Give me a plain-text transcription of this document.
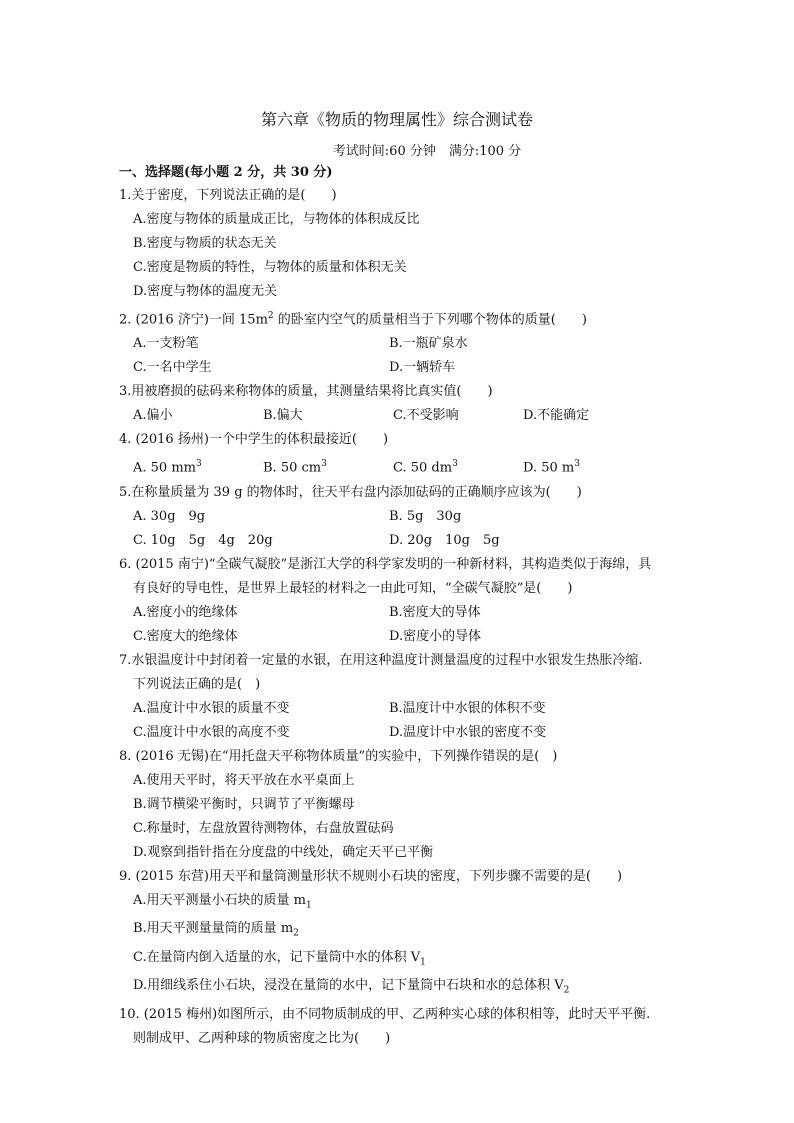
第六章《物质的物理属性》综合测试卷
考试时间:60 分钟　满分:100 分
一、选择题(每小题 2 分，共 30 分)
1.关于密度，下列说法正确的是(　　)
A.密度与物体的质量成正比，与物体的体积成反比
B.密度与物质的状态无关
C.密度是物质的特性，与物体的质量和体积无关
D.密度与物体的温度无关
2. (2016 济宁)一间 $15m^2$ 的卧室内空气的质量相当于下列哪个物体的质量(　　)
A.一支粉笔	B.一瓶矿泉水
C.一名中学生	D.一辆轿车
3.用被磨损的砝码来称物体的质量，其测量结果将比真实值(　　)
A.偏小	B.偏大	C.不受影响	D.不能确定
4. (2016 扬州)一个中学生的体积最接近(　　)
A. 50 $mm^3$	B. 50 $cm^3$	C. 50 $dm^3$	D. 50 $m^3$
5.在称量质量为 39 g 的物体时，往天平右盘内添加砝码的正确顺序应该为(　　)
A. 30g　9g	B. 5g　30g
C. 10g　5g　4g　20g	D. 20g　10g　5g
6. (2015 南宁)“全碳气凝胶”是浙江大学的科学家发明的一种新材料，其构造类似于海绵，具
有良好的导电性，是世界上最轻的材料之一由此可知，“全碳气凝胶”是(　　)
A.密度小的绝缘体	B.密度大的导体
C.密度大的绝缘体	D.密度小的导体
7.水银温度计中封闭着一定量的水银，在用这种温度计测量温度的过程中水银发生热胀冷缩.
下列说法正确的是(　)
A.温度计中水银的质量不变	B.温度计中水银的体积不变
C.温度计中水银的高度不变	D.温度计中水银的密度不变
8. (2016 无锡)在“用托盘天平称物体质量”的实验中，下列操作错误的是(　)
A.使用天平时，将天平放在水平桌面上
B.调节横梁平衡时，只调节了平衡螺母
C.称量时，左盘放置待测物体，右盘放置砝码
D.观察到指针指在分度盘的中线处，确定天平已平衡
9. (2015 东营)用天平和量筒测量形状不规则小石块的密度，下列步骤不需要的是(　　)
A.用天平测量小石块的质量 $m_1$
B.用天平测量量筒的质量 $m_2$
C.在量筒内倒入适量的水，记下量筒中水的体积 $V_1$
D.用细线系住小石块，浸没在量筒的水中，记下量筒中石块和水的总体积 $V_2$
10. (2015 梅州)如图所示，由不同物质制成的甲、乙两种实心球的体积相等，此时天平平衡.
则制成甲、乙两种球的物质密度之比为(　　)
